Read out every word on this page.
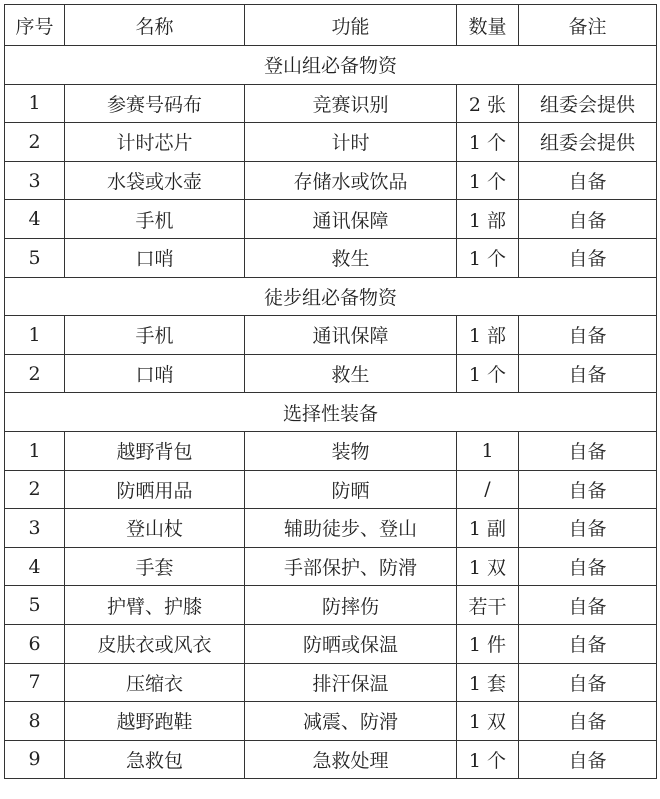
序号	名称	功能	数量	备注
登山组必备物资				
1	参赛号码布	竞赛识别	2 张	组委会提供
2	计时芯片	计时	1 个	组委会提供
3	水袋或水壶	存储水或饮品	1 个	自备
4	手机	通讯保障	1 部	自备
5	口哨	救生	1 个	自备
徒步组必备物资				
1	手机	通讯保障	1 部	自备
2	口哨	救生	1 个	自备
选择性装备				
1	越野背包	装物	1	自备
2	防晒用品	防晒	/	自备
3	登山杖	辅助徒步、登山	1 副	自备
4	手套	手部保护、防滑	1 双	自备
5	护臂、护膝	防摔伤	若干	自备
6	皮肤衣或风衣	防晒或保温	1 件	自备
7	压缩衣	排汗保温	1 套	自备
8	越野跑鞋	减震、防滑	1 双	自备
9	急救包	急救处理	1 个	自备
